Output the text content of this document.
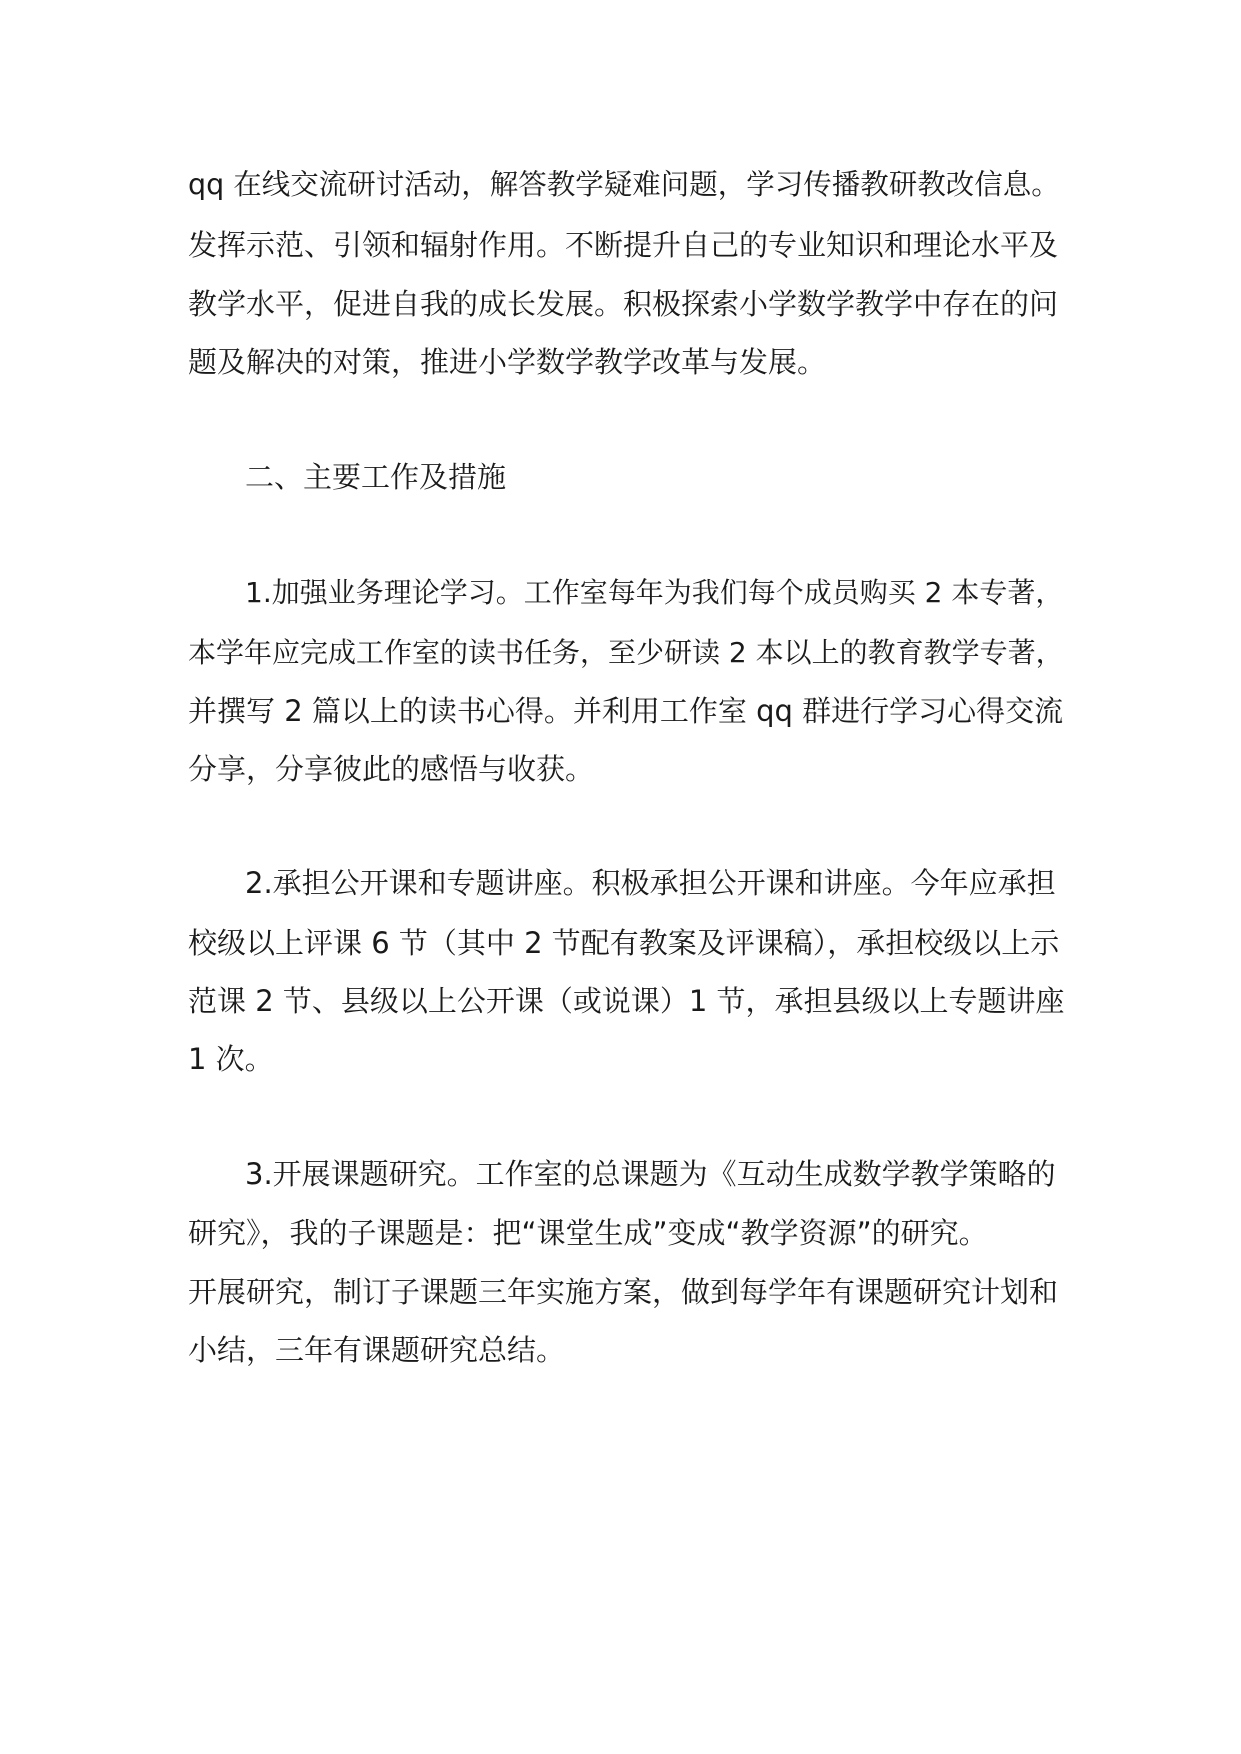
qq 在线交流研讨活动，解答教学疑难问题，学习传播教研教改信息。
发挥示范、引领和辐射作用。不断提升自己的专业知识和理论水平及
教学水平，促进自我的成长发展。积极探索小学数学教学中存在的问
题及解决的对策，推进小学数学教学改革与发展。
二、主要工作及措施
1.加强业务理论学习。工作室每年为我们每个成员购买 2 本专著，
本学年应完成工作室的读书任务，至少研读 2 本以上的教育教学专著，
并撰写 2 篇以上的读书心得。并利用工作室 qq 群进行学习心得交流
分享，分享彼此的感悟与收获。
2.承担公开课和专题讲座。积极承担公开课和讲座。今年应承担
校级以上评课 6 节（其中 2 节配有教案及评课稿），承担校级以上示
范课 2 节、县级以上公开课（或说课）1 节，承担县级以上专题讲座
1 次。
3.开展课题研究。工作室的总课题为《互动生成数学教学策略的
研究》，我的子课题是：把“课堂生成”变成“教学资源”的研究。
开展研究，制订子课题三年实施方案，做到每学年有课题研究计划和
小结，三年有课题研究总结。
